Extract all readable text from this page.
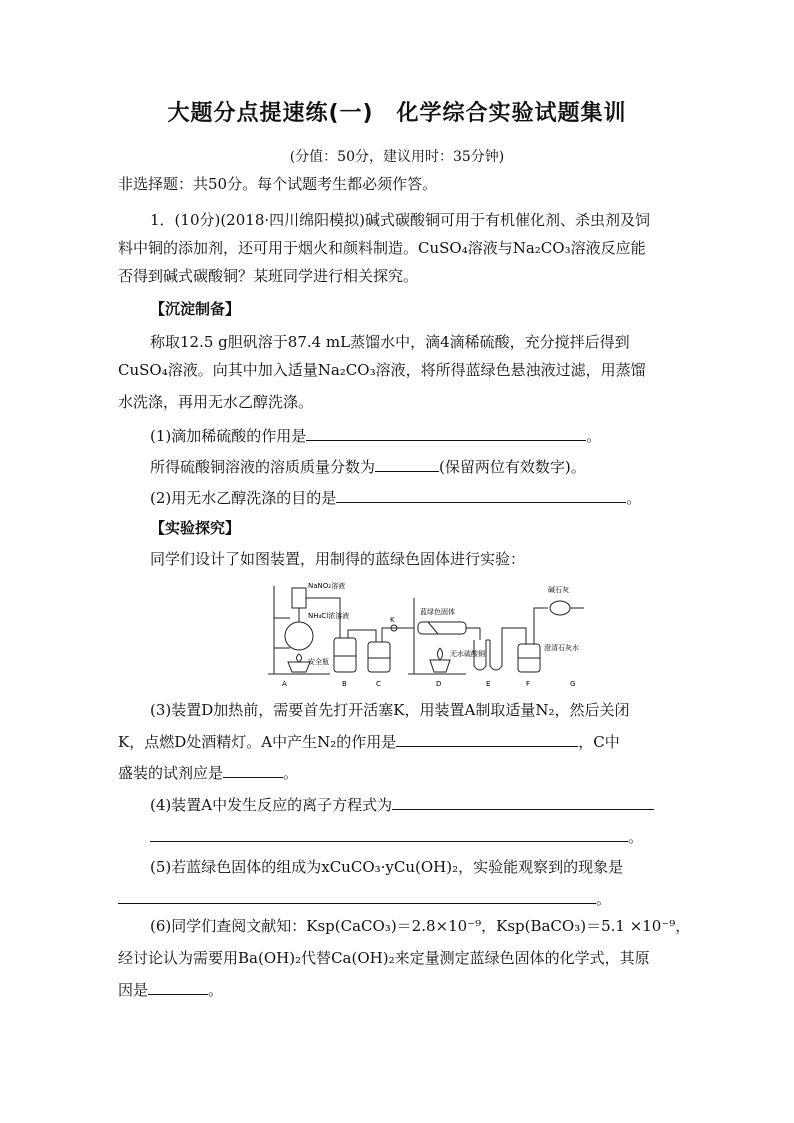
大题分点提速练(一)　化学综合实验试题集训
(分值：50分，建议用时：35分钟)
非选择题：共50分。每个试题考生都必须作答。
1．(10分)(2018·四川绵阳模拟)碱式碳酸铜可用于有机催化剂、杀虫剂及饲
料中铜的添加剂，还可用于烟火和颜料制造。CuSO₄溶液与Na₂CO₃溶液反应能
否得到碱式碳酸铜？某班同学进行相关探究。
【沉淀制备】
称取12.5 g胆矾溶于87.4 mL蒸馏水中，滴4滴稀硫酸，充分搅拌后得到
CuSO₄溶液。向其中加入适量Na₂CO₃溶液，将所得蓝绿色悬浊液过滤，用蒸馏
水洗涤，再用无水乙醇洗涤。
(1)滴加稀硫酸的作用是	。
所得硫酸铜溶液的溶质质量分数为	(保留两位有效数字)。
(2)用无水乙醇洗涤的目的是	。
【实验探究】
同学们设计了如图装置，用制得的蓝绿色固体进行实验：
NaNO₂溶液
NH₄Cl浓溶液
安全瓶
K
蓝绿色固体
无水硫酸铜
碱石灰
澄清石灰水
A	B	C	D	E	F	G
(3)装置D加热前，需要首先打开活塞K，用装置A制取适量N₂，然后关闭
K，点燃D处酒精灯。A中产生N₂的作用是	，C中
盛装的试剂应是	。
(4)装置A中发生反应的离子方程式为
。
(5)若蓝绿色固体的组成为xCuCO₃·yCu(OH)₂，实验能观察到的现象是
。
(6)同学们查阅文献知：Ksp(CaCO₃)＝2.8×10⁻⁹，Ksp(BaCO₃)＝5.1 ×10⁻⁹，
经讨论认为需要用Ba(OH)₂代替Ca(OH)₂来定量测定蓝绿色固体的化学式，其原
因是	。
